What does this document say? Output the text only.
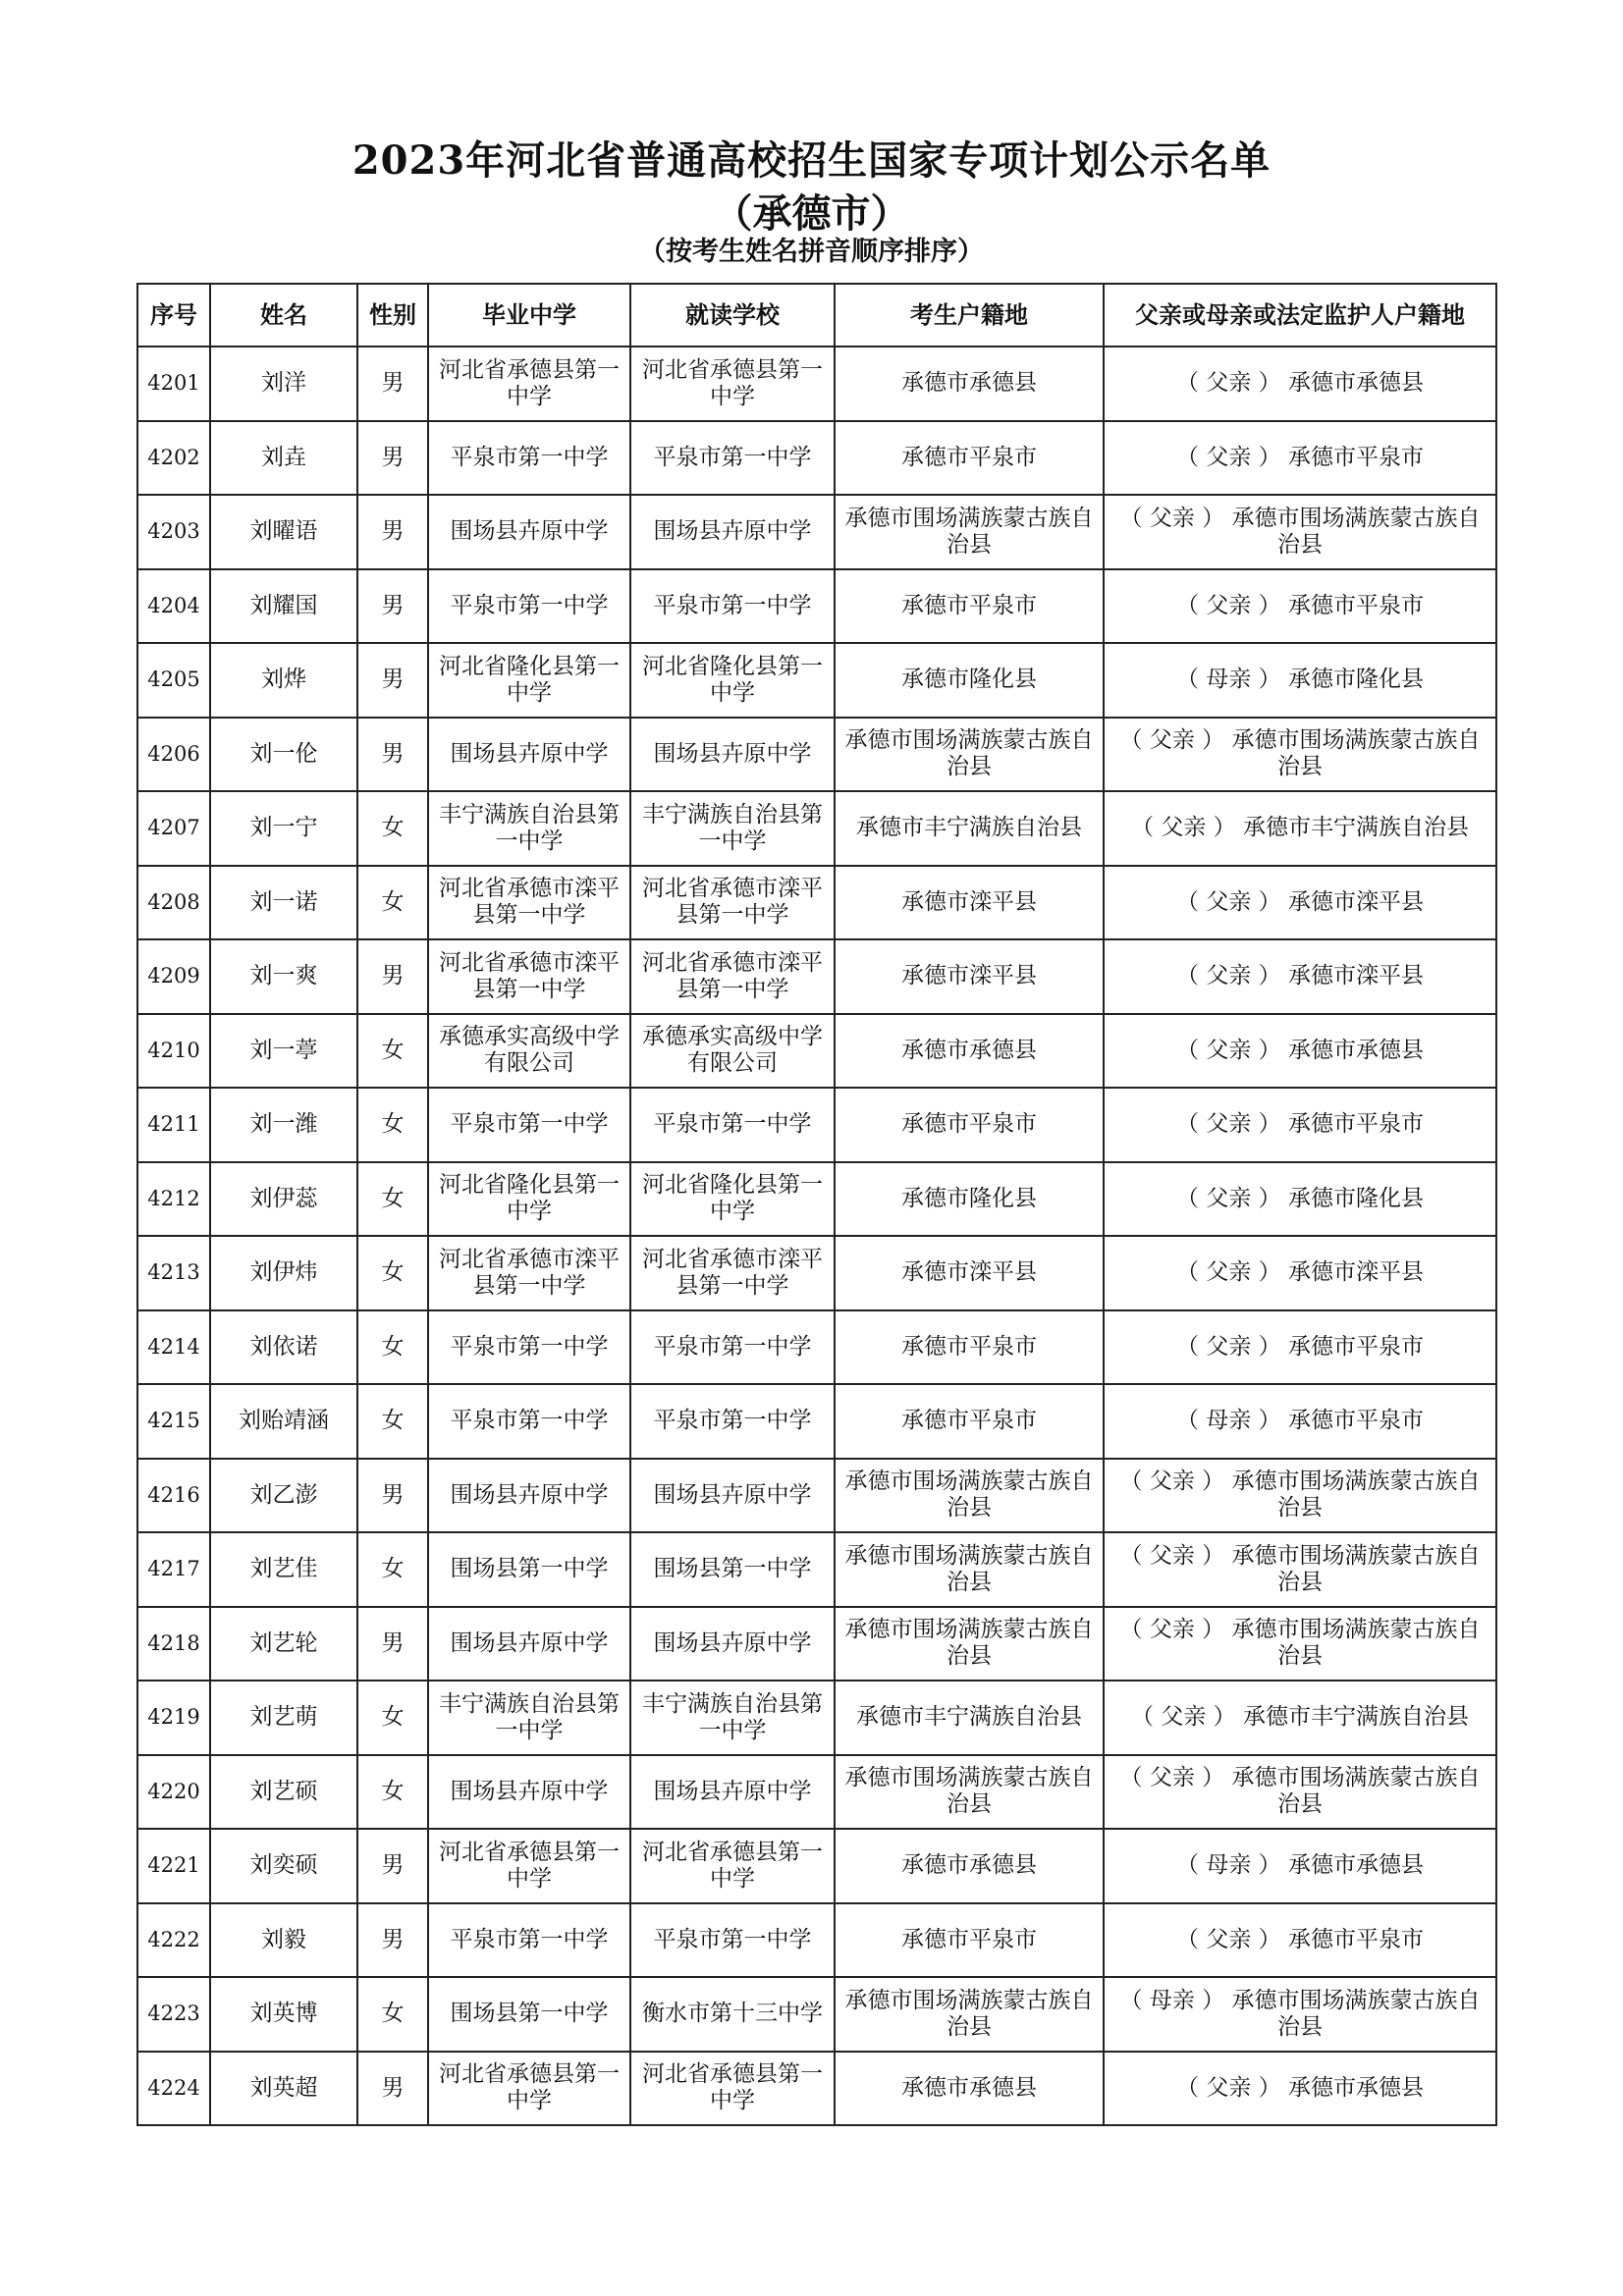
2023年河北省普通高校招生国家专项计划公示名单
（承德市）
（按考生姓名拼音顺序排序）
序号	姓名	性别	毕业中学	就读学校	考生户籍地	父亲或母亲或法定监护人户籍地
4201	刘洋	男	河北省承德县第一中学	河北省承德县第一中学	承德市承德县	（ 父亲 ） 承德市承德县
4202	刘垚	男	平泉市第一中学	平泉市第一中学	承德市平泉市	（ 父亲 ） 承德市平泉市
4203	刘曜语	男	围场县卉原中学	围场县卉原中学	承德市围场满族蒙古族自治县	（ 父亲 ） 承德市围场满族蒙古族自治县
4204	刘耀国	男	平泉市第一中学	平泉市第一中学	承德市平泉市	（ 父亲 ） 承德市平泉市
4205	刘烨	男	河北省隆化县第一中学	河北省隆化县第一中学	承德市隆化县	（ 母亲 ） 承德市隆化县
4206	刘一伦	男	围场县卉原中学	围场县卉原中学	承德市围场满族蒙古族自治县	（ 父亲 ） 承德市围场满族蒙古族自治县
4207	刘一宁	女	丰宁满族自治县第一中学	丰宁满族自治县第一中学	承德市丰宁满族自治县	（ 父亲 ） 承德市丰宁满族自治县
4208	刘一诺	女	河北省承德市滦平县第一中学	河北省承德市滦平县第一中学	承德市滦平县	（ 父亲 ） 承德市滦平县
4209	刘一爽	男	河北省承德市滦平县第一中学	河北省承德市滦平县第一中学	承德市滦平县	（ 父亲 ） 承德市滦平县
4210	刘一葶	女	承德承实高级中学有限公司	承德承实高级中学有限公司	承德市承德县	（ 父亲 ） 承德市承德县
4211	刘一潍	女	平泉市第一中学	平泉市第一中学	承德市平泉市	（ 父亲 ） 承德市平泉市
4212	刘伊蕊	女	河北省隆化县第一中学	河北省隆化县第一中学	承德市隆化县	（ 父亲 ） 承德市隆化县
4213	刘伊炜	女	河北省承德市滦平县第一中学	河北省承德市滦平县第一中学	承德市滦平县	（ 父亲 ） 承德市滦平县
4214	刘依诺	女	平泉市第一中学	平泉市第一中学	承德市平泉市	（ 父亲 ） 承德市平泉市
4215	刘贻靖涵	女	平泉市第一中学	平泉市第一中学	承德市平泉市	（ 母亲 ） 承德市平泉市
4216	刘乙澎	男	围场县卉原中学	围场县卉原中学	承德市围场满族蒙古族自治县	（ 父亲 ） 承德市围场满族蒙古族自治县
4217	刘艺佳	女	围场县第一中学	围场县第一中学	承德市围场满族蒙古族自治县	（ 父亲 ） 承德市围场满族蒙古族自治县
4218	刘艺轮	男	围场县卉原中学	围场县卉原中学	承德市围场满族蒙古族自治县	（ 父亲 ） 承德市围场满族蒙古族自治县
4219	刘艺萌	女	丰宁满族自治县第一中学	丰宁满族自治县第一中学	承德市丰宁满族自治县	（ 父亲 ） 承德市丰宁满族自治县
4220	刘艺硕	女	围场县卉原中学	围场县卉原中学	承德市围场满族蒙古族自治县	（ 父亲 ） 承德市围场满族蒙古族自治县
4221	刘奕硕	男	河北省承德县第一中学	河北省承德县第一中学	承德市承德县	（ 母亲 ） 承德市承德县
4222	刘毅	男	平泉市第一中学	平泉市第一中学	承德市平泉市	（ 父亲 ） 承德市平泉市
4223	刘英博	女	围场县第一中学	衡水市第十三中学	承德市围场满族蒙古族自治县	（ 母亲 ） 承德市围场满族蒙古族自治县
4224	刘英超	男	河北省承德县第一中学	河北省承德县第一中学	承德市承德县	（ 父亲 ） 承德市承德县
